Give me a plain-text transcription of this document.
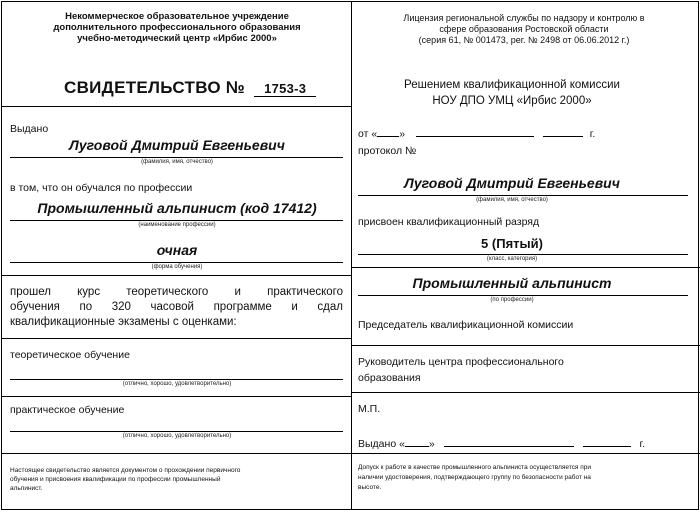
Некоммерческое образовательное учреждение
дополнительного профессионального образования
учебно-методический центр «Ирбис 2000»
СВИДЕТЕЛЬСТВО № 1753-3
Выдано
Луговой Дмитрий Евгеньевич
(фамилия, имя, отчество)
в том, что он обучался по профессии
Промышленный альпинист (код 17412)
(наименование профессии)
очная
(форма обучения)
прошел курс теоретического и практического
обучения по 320 часовой программе и сдал
квалификационные экзамены с оценками:
теоретическое обучение
(отлично, хорошо, удовлетворительно)
практическое обучение
(отлично, хорошо, удовлетворительно)
Настоящее свидетельство является документом о прохождении первичного
обучения и присвоения квалификации по профессии промышленный
альпинист.
Лицензия региональной службы по надзору и контролю в
сфере образования Ростовской области
(серия 61, № 001473, рег. № 2498 от 06.06.2012 г.)
Решением квалификационной комиссии
НОУ ДПО УМЦ «Ирбис 2000»
от « »	г.
протокол №
Луговой Дмитрий Евгеньевич
(фамилия, имя, отчество)
присвоен квалификационный разряд
5 (Пятый)
(класс, категория)
Промышленный альпинист
(по профессии)
Председатель квалификационной комиссии
Руководитель центра профессионального
образования
М.П.
Выдано « »	г.
Допуск к работе в качестве промышленного альпиниста осуществляется при
наличии удостоверения, подтверждающего группу по безопасности работ на
высоте.
